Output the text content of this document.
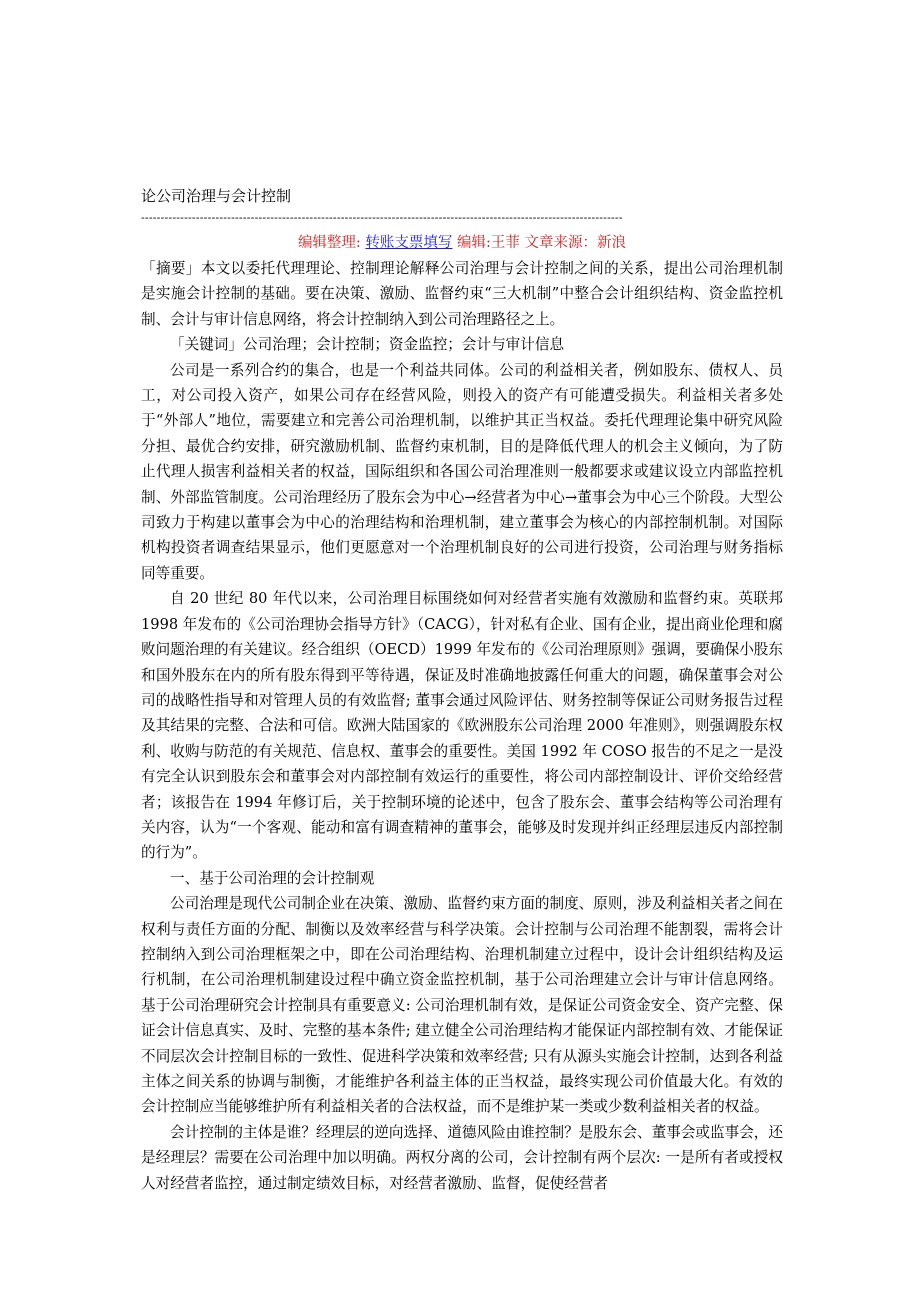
论公司治理与会计控制
---------------------------------------------------------------------------------------------------------------------------
编辑整理: 转账支票填写 编辑:王菲 文章来源：新浪

「摘要」本文以委托代理理论、控制理论解释公司治理与会计控制之间的关系，提出公司治理机制是实施会计控制的基础。要在决策、激励、监督约束“三大机制”中整合会计组织结构、资金监控机制、会计与审计信息网络，将会计控制纳入到公司治理路径之上。

「关键词」公司治理；会计控制；资金监控；会计与审计信息

公司是一系列合约的集合，也是一个利益共同体。公司的利益相关者，例如股东、债权人、员工，对公司投入资产，如果公司存在经营风险，则投入的资产有可能遭受损失。利益相关者多处于“外部人”地位，需要建立和完善公司治理机制，以维护其正当权益。委托代理理论集中研究风险分担、最优合约安排，研究激励机制、监督约束机制，目的是降低代理人的机会主义倾向，为了防止代理人损害利益相关者的权益，国际组织和各国公司治理准则一般都要求或建议设立内部监控机制、外部监管制度。公司治理经历了股东会为中心→经营者为中心→董事会为中心三个阶段。大型公司致力于构建以董事会为中心的治理结构和治理机制，建立董事会为核心的内部控制机制。对国际机构投资者调查结果显示，他们更愿意对一个治理机制良好的公司进行投资，公司治理与财务指标同等重要。

自 20 世纪 80 年代以来，公司治理目标围绕如何对经营者实施有效激励和监督约束。英联邦 1998 年发布的《公司治理协会指导方针》（CACG），针对私有企业、国有企业，提出商业伦理和腐败问题治理的有关建议。经合组织（OECD）1999 年发布的《公司治理原则》强调，要确保小股东和国外股东在内的所有股东得到平等待遇，保证及时准确地披露任何重大的问题，确保董事会对公司的战略性指导和对管理人员的有效监督; 董事会通过风险评估、财务控制等保证公司财务报告过程及其结果的完整、合法和可信。欧洲大陆国家的《欧洲股东公司治理 2000 年准则》，则强调股东权利、收购与防范的有关规范、信息权、董事会的重要性。美国 1992 年 COSO 报告的不足之一是没有完全认识到股东会和董事会对内部控制有效运行的重要性，将公司内部控制设计、评价交给经营者；该报告在 1994 年修订后，关于控制环境的论述中，包含了股东会、董事会结构等公司治理有关内容，认为“一个客观、能动和富有调查精神的董事会，能够及时发现并纠正经理层违反内部控制的行为”。

一、基于公司治理的会计控制观

公司治理是现代公司制企业在决策、激励、监督约束方面的制度、原则，涉及利益相关者之间在权利与责任方面的分配、制衡以及效率经营与科学决策。会计控制与公司治理不能割裂，需将会计控制纳入到公司治理框架之中，即在公司治理结构、治理机制建立过程中，设计会计组织结构及运行机制，在公司治理机制建设过程中确立资金监控机制，基于公司治理建立会计与审计信息网络。基于公司治理研究会计控制具有重要意义: 公司治理机制有效，是保证公司资金安全、资产完整、保证会计信息真实、及时、完整的基本条件; 建立健全公司治理结构才能保证内部控制有效、才能保证不同层次会计控制目标的一致性、促进科学决策和效率经营; 只有从源头实施会计控制，达到各利益主体之间关系的协调与制衡，才能维护各利益主体的正当权益，最终实现公司价值最大化。有效的会计控制应当能够维护所有利益相关者的合法权益，而不是维护某一类或少数利益相关者的权益。

会计控制的主体是谁？经理层的逆向选择、道德风险由谁控制？是股东会、董事会或监事会，还是经理层？需要在公司治理中加以明确。两权分离的公司，会计控制有两个层次: 一是所有者或授权人对经营者监控，通过制定绩效目标，对经营者激励、监督，促使经营者
